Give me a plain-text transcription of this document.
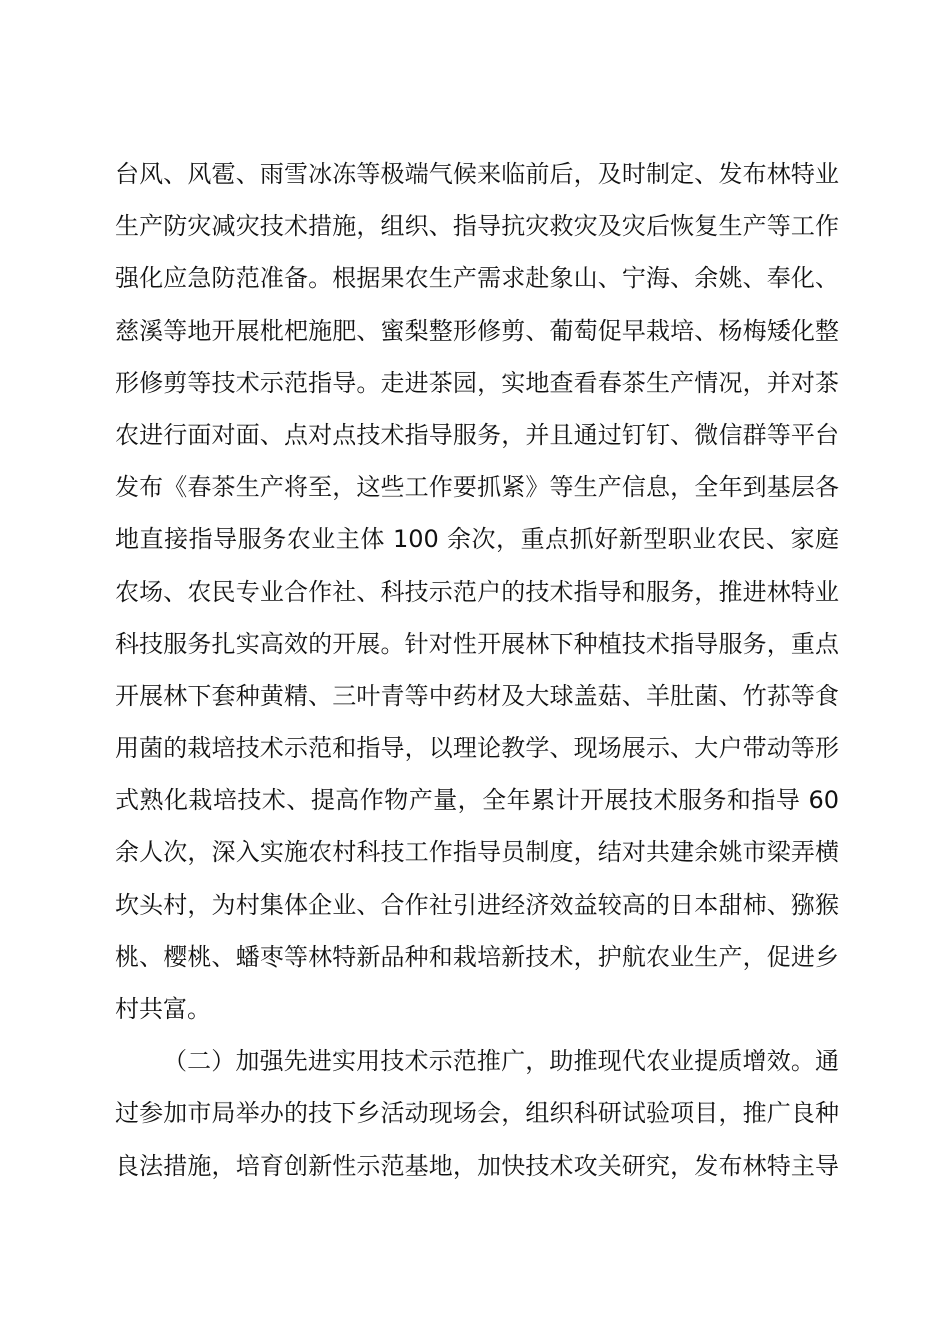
台风、风雹、雨雪冰冻等极端气候来临前后，及时制定、发布林特业
生产防灾减灾技术措施，组织、指导抗灾救灾及灾后恢复生产等工作
强化应急防范准备。根据果农生产需求赴象山、宁海、余姚、奉化、
慈溪等地开展枇杷施肥、蜜梨整形修剪、葡萄促早栽培、杨梅矮化整
形修剪等技术示范指导。走进茶园，实地查看春茶生产情况，并对茶
农进行面对面、点对点技术指导服务，并且通过钉钉、微信群等平台
发布《春茶生产将至，这些工作要抓紧》等生产信息，全年到基层各
地直接指导服务农业主体 100 余次，重点抓好新型职业农民、家庭
农场、农民专业合作社、科技示范户的技术指导和服务，推进林特业
科技服务扎实高效的开展。针对性开展林下种植技术指导服务，重点
开展林下套种黄精、三叶青等中药材及大球盖菇、羊肚菌、竹荪等食
用菌的栽培技术示范和指导，以理论教学、现场展示、大户带动等形
式熟化栽培技术、提高作物产量，全年累计开展技术服务和指导 60
余人次，深入实施农村科技工作指导员制度，结对共建余姚市梁弄横
坎头村，为村集体企业、合作社引进经济效益较高的日本甜柿、猕猴
桃、樱桃、蟠枣等林特新品种和栽培新技术，护航农业生产，促进乡
村共富。
（二）加强先进实用技术示范推广，助推现代农业提质增效。通
过参加市局举办的技下乡活动现场会，组织科研试验项目，推广良种
良法措施，培育创新性示范基地，加快技术攻关研究，发布林特主导
